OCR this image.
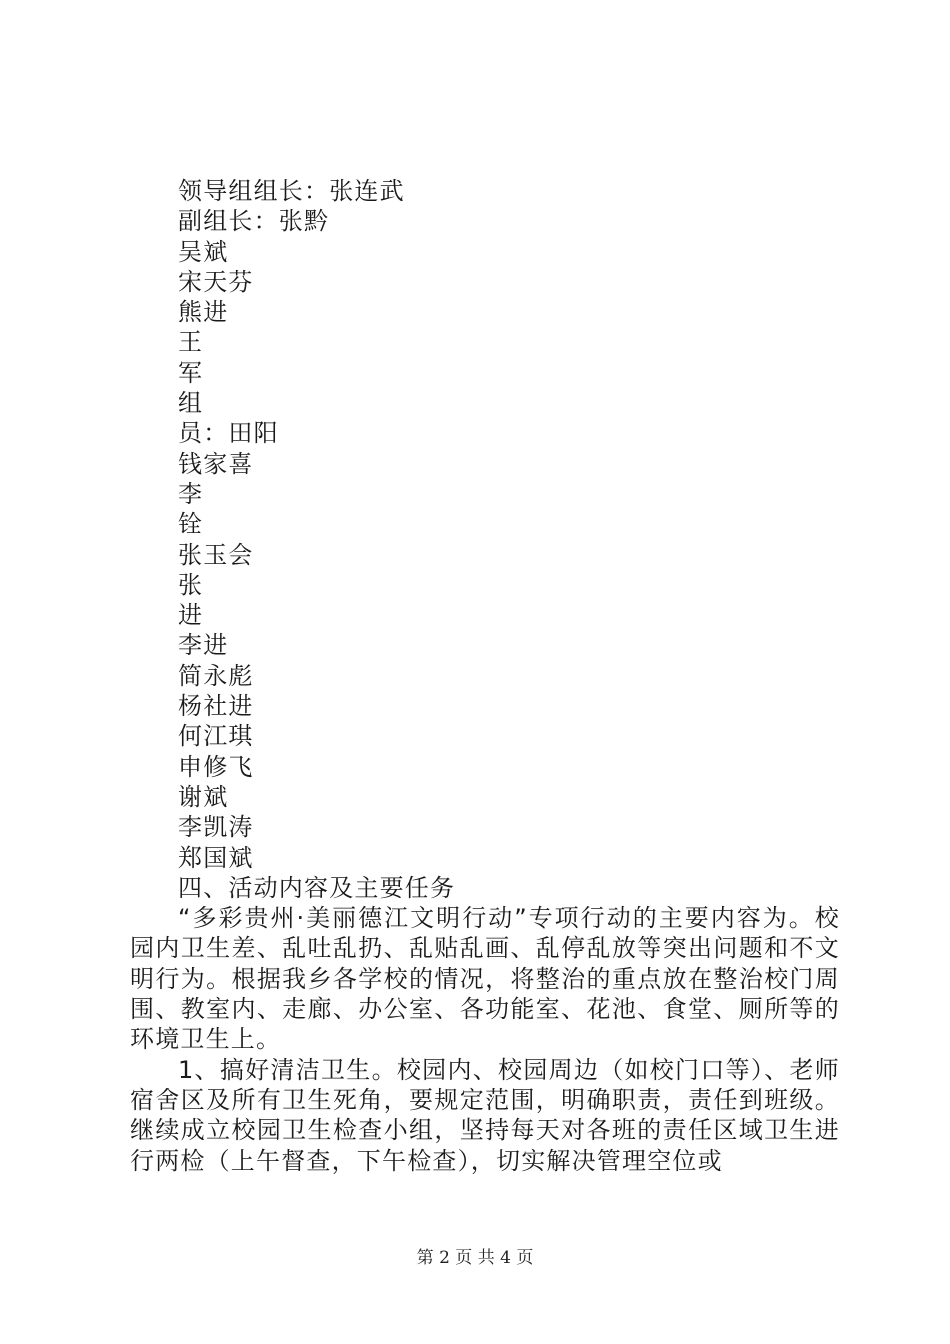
领导组组长：张连武
副组长：张黔
吴斌
宋天芬
熊进
王
军
组
员：田阳
钱家喜
李
铨
张玉会
张
进
李进
简永彪
杨社进
何江琪
申修飞
谢斌
李凯涛
郑国斌
四、活动内容及主要任务
“多彩贵州·美丽德江文明行动”专项行动的主要内容为。校园内卫生差、乱吐乱扔、乱贴乱画、乱停乱放等突出问题和不文明行为。根据我乡各学校的情况，将整治的重点放在整治校门周围、教室内、走廊、办公室、各功能室、花池、食堂、厕所等的环境卫生上。
1、搞好清洁卫生。校园内、校园周边（如校门口等）、老师宿舍区及所有卫生死角，要规定范围，明确职责，责任到班级。继续成立校园卫生检查小组，坚持每天对各班的责任区域卫生进行两检（上午督查，下午检查），切实解决管理空位或
第 2 页 共 4 页
